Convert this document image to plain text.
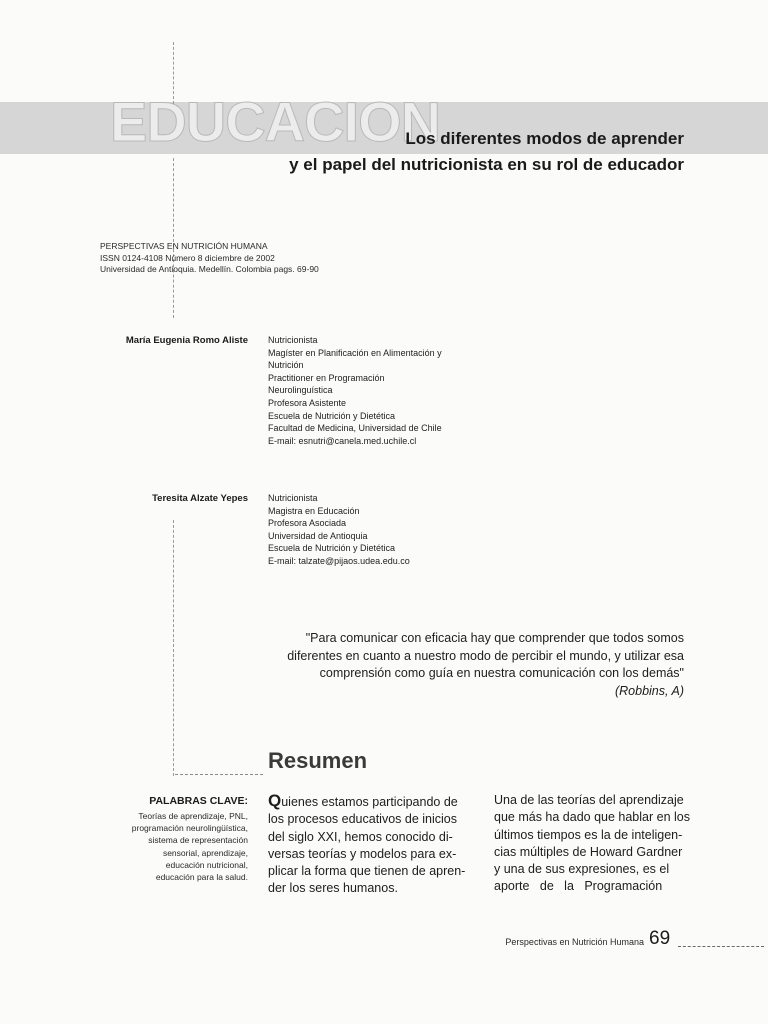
EDUCACION
Los diferentes modos de aprender
y el papel del nutricionista en su rol de educador
PERSPECTIVAS EN NUTRICIÓN HUMANA
ISSN 0124-4108 Número 8 diciembre de 2002
Universidad de Antioquia. Medellín. Colombia pags. 69-90
María Eugenia Romo Aliste Nutricionista
Magíster en Planificación en Alimentación y
Nutrición
Practitioner en Programación
Neurolinguística
Profesora Asistente
Escuela de Nutrición y Dietética
Facultad de Medicina, Universidad de Chile
E-mail: esnutri@canela.med.uchile.cl
Teresita Alzate Yepes Nutricionista
Magistra en Educación
Profesora Asociada
Universidad de Antioquia
Escuela de Nutrición y Dietética
E-mail: talzate@pijaos.udea.edu.co
"Para comunicar con eficacia hay que comprender que todos somos
diferentes en cuanto a nuestro modo de percibir el mundo, y utilizar esa
comprensión como guía en nuestra comunicación con los demás"
(Robbins, A)
Resumen
PALABRAS CLAVE:
Teorías de aprendizaje, PNL,
programación neurolingüística,
sistema de representación
sensorial, aprendizaje,
educación nutricional,
educación para la salud.
Quienes estamos participando de
los procesos educativos de inicios
del siglo XXI, hemos conocido di-
versas teorías y modelos para ex-
plicar la forma que tienen de apren-
der los seres humanos.
Una de las teorías del aprendizaje
que más ha dado que hablar en los
últimos tiempos es la de inteligen-
cias múltiples de Howard Gardner
y una de sus expresiones, es el
aporte   de   la   Programación
Perspectivas en Nutrición Humana 69
